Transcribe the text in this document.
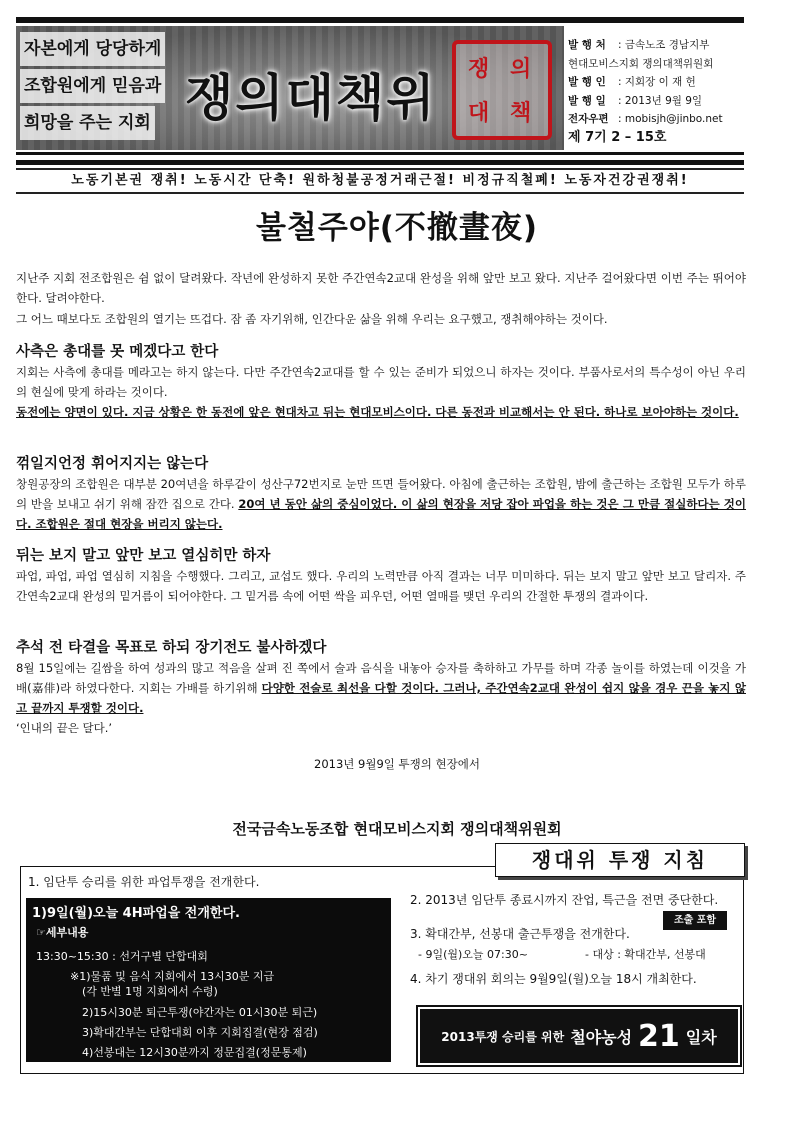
자본에게 당당하게 조합원에게 믿음과 희망을 주는 지회 쟁의대책위 쟁 의
대 책
발 행 처 : 금속노조 경남지부
현대모비스지회 쟁의대책위원회
발 행 인 : 지회장 이 재 헌
발 행 일 : 2013년 9월 9일
전자우편 : mobisjh@jinbo.net
제 7기 2 – 15호
노동기본권 쟁취! 노동시간 단축! 원하청불공정거래근절! 비정규직철폐! 노동자건강권쟁취!
불철주야(不撤晝夜)
지난주 지회 전조합원은 쉼 없이 달려왔다. 작년에 완성하지 못한 주간연속2교대 완성을 위해 앞만 보고 왔다. 지난주 걸어왔다면 이번 주는 뛰어야한다. 달려야한다.
그 어느 때보다도 조합원의 열기는 뜨겁다. 잠 좀 자기위해, 인간다운 삶을 위해 우리는 요구했고, 쟁취해야하는 것이다.
사측은 총대를 못 메겠다고 한다
지회는 사측에 총대를 메라고는 하지 않는다. 다만 주간연속2교대를 할 수 있는 준비가 되었으니 하자는 것이다. 부품사로서의 특수성이 아닌 우리의 현실에 맞게 하라는 것이다.
동전에는 양면이 있다. 지금 상황은 한 동전에 앞은 현대차고 뒤는 현대모비스이다. 다른 동전과 비교해서는 안 된다. 하나로 보아야하는 것이다.
꺾일지언정 휘어지지는 않는다
창원공장의 조합원은 대부분 20여년을 하루같이 성산구72번지로 눈만 뜨면 들어왔다. 아침에 출근하는 조합원, 밤에 출근하는 조합원 모두가 하루의 반을 보내고 쉬기 위해 잠깐 집으로 간다. 20여 년 동안 삶의 중심이었다. 이 삶의 현장을 저당 잡아 파업을 하는 것은 그 만큼 절실하다는 것이다. 조합원은 절대 현장을 버리지 않는다.
뒤는 보지 말고 앞만 보고 열심히만 하자
파업, 파업, 파업 열심히 지침을 수행했다. 그리고, 교섭도 했다. 우리의 노력만큼 아직 결과는 너무 미미하다. 뒤는 보지 말고 앞만 보고 달리자. 주간연속2교대 완성의 밑거름이 되어야한다. 그 밑거름 속에 어떤 싹을 피우던, 어떤 열매를 맺던 우리의 간절한 투쟁의 결과이다.
추석 전 타결을 목표로 하되 장기전도 불사하겠다
8월 15일에는 길쌈을 하여 성과의 많고 적음을 살펴 진 쪽에서 술과 음식을 내놓아 승자를 축하하고 가무를 하며 각종 놀이를 하였는데 이것을 가배(嘉俳)라 하였다한다. 지회는 가배를 하기위해 다양한 전술로 최선을 다할 것이다. 그러나, 주간연속2교대 완성이 쉽지 않을 경우 끈을 놓지 않고 끝까지 투쟁할 것이다.
‘인내의 끝은 달다.’
2013년 9월9일 투쟁의 현장에서
전국금속노동조합 현대모비스지회 쟁의대책위원회
쟁대위 투쟁 지침
1. 임단투 승리를 위한 파업투쟁을 전개한다.
1)9일(월)오늘 4H파업을 전개한다.
☞세부내용
13:30~15:30 : 선거구별 단합대회
※1)물품 및 음식 지회에서 13시30분 지급
(각 반별 1명 지회에서 수령)
2)15시30분 퇴근투쟁(야간자는 01시30분 퇴근)
3)확대간부는 단합대회 이후 지회집결(현장 점검)
4)선봉대는 12시30분까지 정문집결(정문통제)
2. 2013년 임단투 종료시까지 잔업, 특근을 전면 중단한다.
조출 포함
3. 확대간부, 선봉대 출근투쟁을 전개한다.
- 9일(월)오늘 07:30~	- 대상 : 확대간부, 선봉대
4. 차기 쟁대위 회의는 9월9일(월)오늘 18시 개최한다.
2013투쟁 승리를 위한 철야농성 21 일차
